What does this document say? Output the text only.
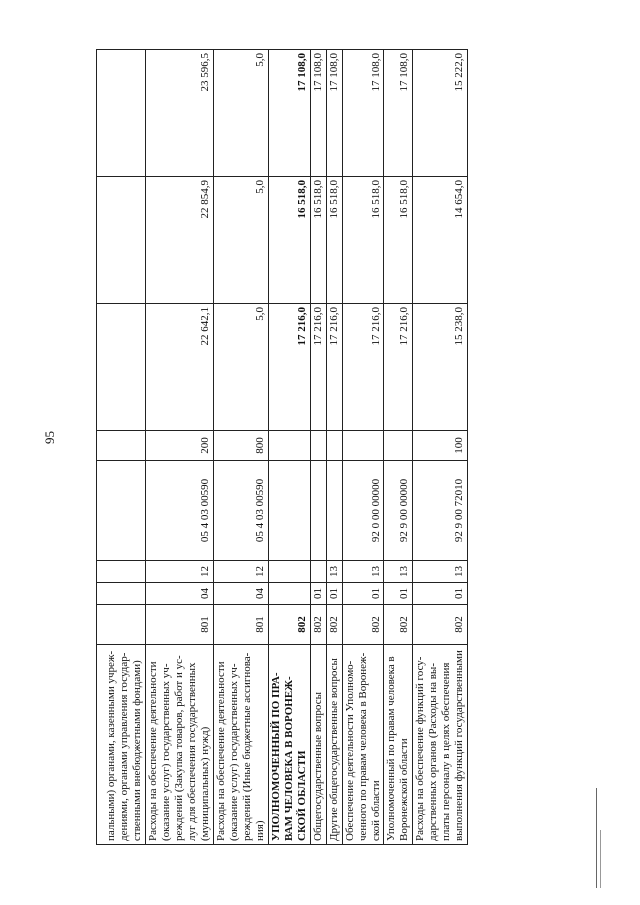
95
пальными) органами, казенными учреж-дениями, органами управления государ-ственными внебюджетными фондами)								
Расходы на обеспечение деятельности (оказание услуг) государственных уч-реждений (Закупка товаров, работ и ус-луг для обеспечения государственных (муниципальных) нужд)	801	04	12	05 4 03 00590	200	22 642,1	22 854,9	23 596,5
Расходы на обеспечение деятельности (оказание услуг) государственных уч-реждений (Иные бюджетные ассигнова-ния)	801	04	12	05 4 03 00590	800	5,0	5,0	5,0
УПОЛНОМОЧЕННЫЙ ПО ПРА-ВАМ ЧЕЛОВЕКА В ВОРОНЕЖ-СКОЙ ОБЛАСТИ	802					17 216,0	16 518,0	17 108,0
Общегосударственные вопросы	802	01				17 216,0	16 518,0	17 108,0
Другие общегосударственные вопросы	802	01	13			17 216,0	16 518,0	17 108,0
Обеспечение деятельности Уполномо-ченного по правам человека в Воронеж-ской области	802	01	13	92 0 00 00000		17 216,0	16 518,0	17 108,0
Уполномоченный по правам человека в Воронежской области	802	01	13	92 9 00 00000		17 216,0	16 518,0	17 108,0
Расходы на обеспечение функций госу-дарственных органов (Расходы на вы-платы персоналу в целях обеспечения выполнения функций государственными	802	01	13	92 9 00 72010	100	15 238,0	14 654,0	15 222,0
